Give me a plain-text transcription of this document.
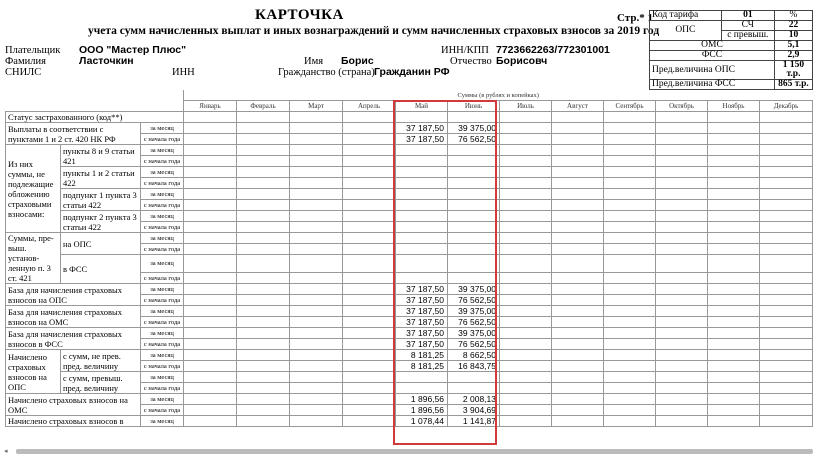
КАРТОЧКА
учета сумм начисленных выплат и иных вознаграждений и сумм начисленных страховых взносов за 2019 год
Стр.* 1
Плательщик ООО "Мастер Плюс"	ИНН/КПП 7723662263/772301001
Фамилия	Ласточкин	Имя Борис	Отчество Борисовч
СНИЛС	ИНН	Гражданство (страна) Гражданин РФ
Код тарифа	01	%
ОПС	СЧ	22
	с превыш.	10
ОМС		5,1
ФСС		2,9
Пред.величина ОПС		1 150 т.р.
Пред.величина ФСС		865 т.р.
			Суммы (в рублях и копейках)											
			Январь	Февраль	Март	Апрель	Май	Июнь	Июль	Август	Сентябрь	Октябрь	Ноябрь	Декабрь
Статус застрахованного (код**)														
Выплаты в соответствии с пунктами 1 и 2 ст. 420 НК РФ		за месяц					37 187,50	39 375,00						
		с начала года					37 187,50	76 562,50						
Из них суммы, не подлежащие обложению страховыми взносами:	пункты 8 и 9 статьи 421	за месяц												
		с начала года												
	пункты 1 и 2 статьи 422	за месяц												
		с начала года												
	подпункт 1 пункта 3 статьи 422	за месяц												
		с начала года												
	подпункт 2 пункта 3 статьи 422	за месяц												
		с начала года												
Суммы, пре-выш. установ-ленную п. 3 ст. 421	на ОПС	за месяц												
		с начала года												
	в ФСС	за месяц												
		с начала года												
База для начисления страховых взносов на ОПС		за месяц					37 187,50	39 375,00						
		с начала года					37 187,50	76 562,50						
База для начисления страховых взносов на ОМС		за месяц					37 187,50	39 375,00						
		с начала года					37 187,50	76 562,50						
База для начисления страховых взносов в ФСС		за месяц					37 187,50	39 375,00						
		с начала года					37 187,50	76 562,50						
Начислено страховых взносов на ОПС	с сумм, не прев. пред. величину	за месяц					8 181,25	8 662,50						
		с начала года					8 181,25	16 843,75						
	с сумм, превыш. пред. величину	за месяц												
		с начала года												
Начислено страховых взносов на ОМС		за месяц					1 896,56	2 008,13						
		с начала года					1 896,56	3 904,69						
Начислено страховых взносов в		за месяц					1 078,44	1 141,87						
◂
